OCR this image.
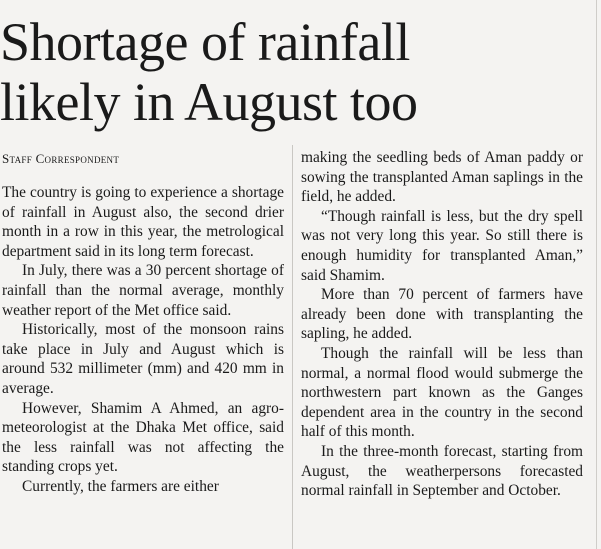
Shortage of rainfall
likely in August too
Staff Correspondent

The country is going to experience a shortage of rainfall in August also, the second drier month in a row in this year, the metrological department said in its long term forecast.

In July, there was a 30 percent shortage of rainfall than the normal average, monthly weather report of the Met office said.

Historically, most of the monsoon rains take place in July and August which is around 532 millimeter (mm) and 420 mm in average.

However, Shamim A Ahmed, an agro-meteorologist at the Dhaka Met office, said the less rainfall was not affecting the standing crops yet.

Currently, the farmers are either

making the seedling beds of Aman paddy or sowing the transplanted Aman saplings in the field, he added.

“Though rainfall is less, but the dry spell was not very long this year. So still there is enough humidity for transplanted Aman,” said Shamim.

More than 70 percent of farmers have already been done with transplanting the sapling, he added.

Though the rainfall will be less than normal, a normal flood would submerge the northwestern part known as the Ganges dependent area in the country in the second half of this month.

In the three-month forecast, starting from August, the weatherpersons forecasted normal rainfall in September and October.
